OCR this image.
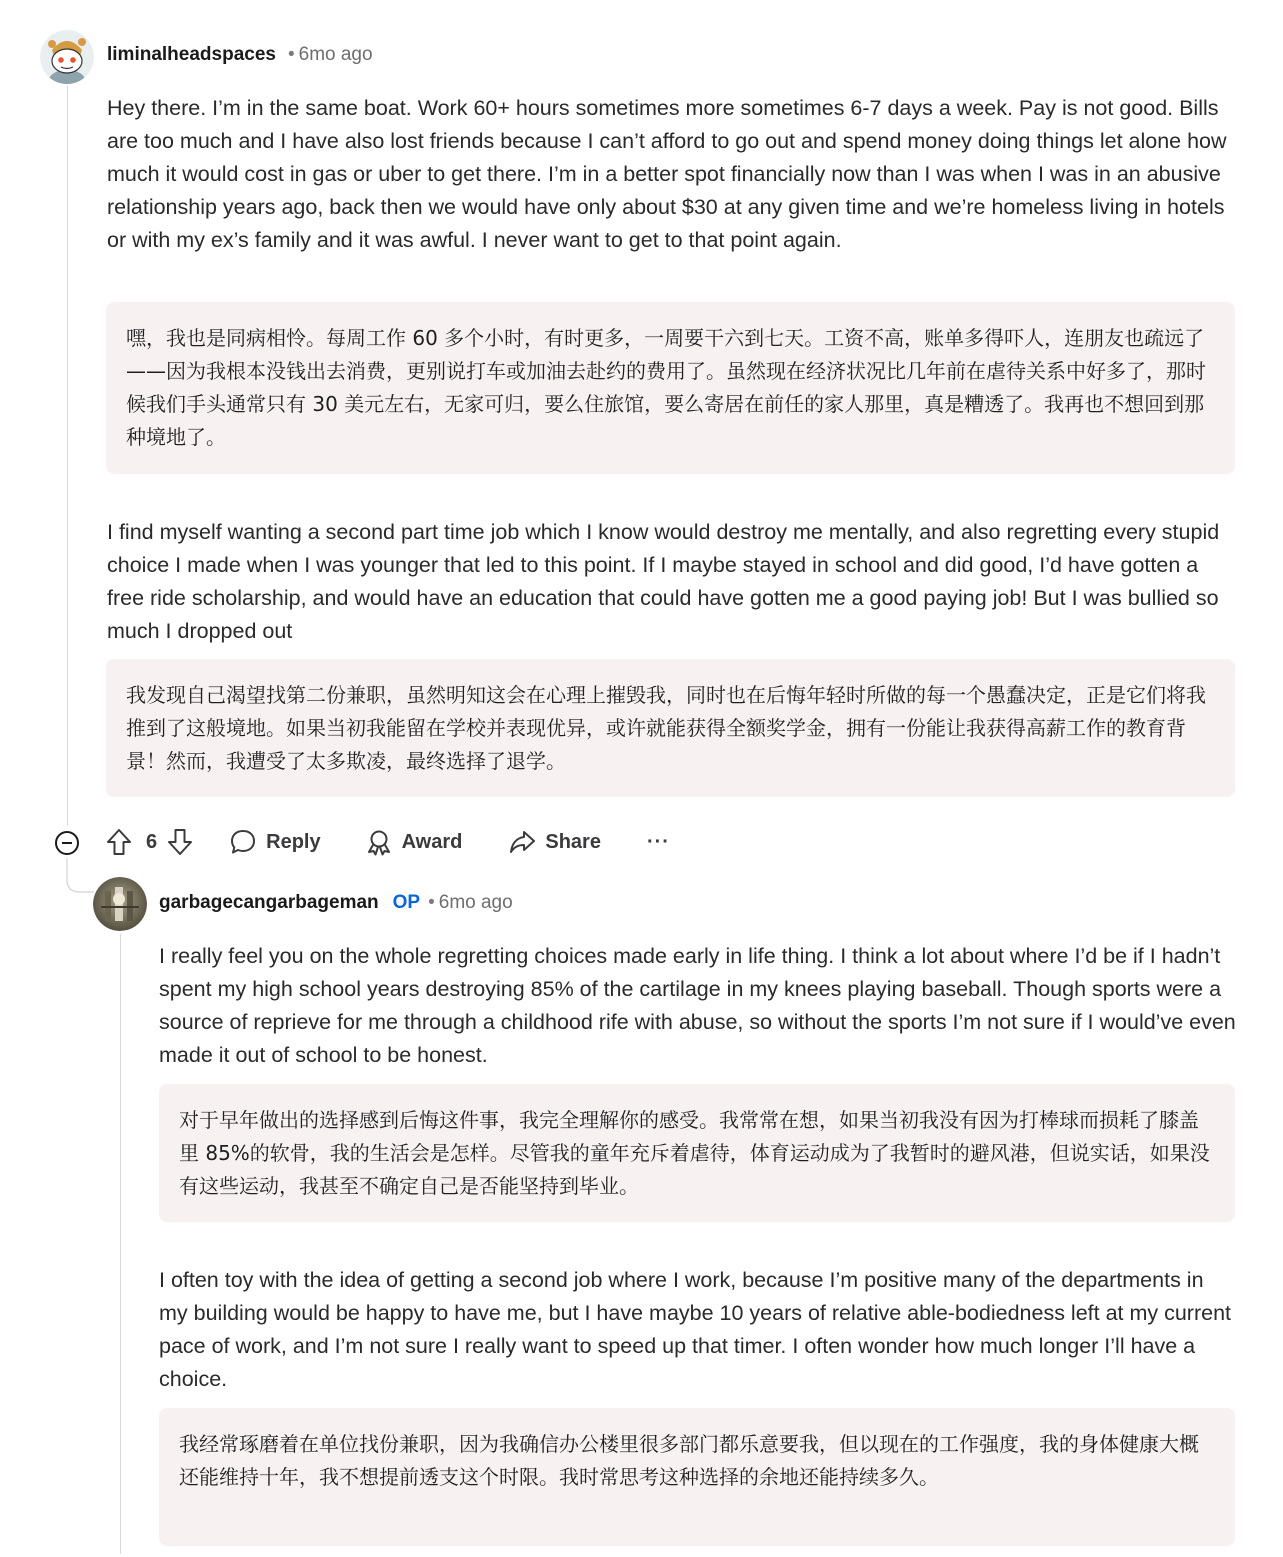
liminalheadspaces • 6mo ago

Hey there. I’m in the same boat. Work 60+ hours sometimes more sometimes 6-7 days a week. Pay is not good. Bills are too much and I have also lost friends because I can’t afford to go out and spend money doing things let alone how much it would cost in gas or uber to get there. I’m in a better spot financially now than I was when I was in an abusive relationship years ago, back then we would have only about $30 at any given time and we’re homeless living in hotels or with my ex’s family and it was awful. I never want to get to that point again.

嘿，我也是同病相怜。每周工作 60 多个小时，有时更多，一周要干六到七天。工资不高，账单多得吓人，连朋友也疏远了——因为我根本没钱出去消费，更别说打车或加油去赴约的费用了。虽然现在经济状况比几年前在虐待关系中好多了，那时候我们手头通常只有 30 美元左右，无家可归，要么住旅馆，要么寄居在前任的家人那里，真是糟透了。我再也不想回到那种境地了。

I find myself wanting a second part time job which I know would destroy me mentally, and also regretting every stupid choice I made when I was younger that led to this point. If I maybe stayed in school and did good, I’d have gotten a free ride scholarship, and would have an education that could have gotten me a good paying job! But I was bullied so much I dropped out

我发现自己渴望找第二份兼职，虽然明知这会在心理上摧毁我，同时也在后悔年轻时所做的每一个愚蠢决定，正是它们将我推到了这般境地。如果当初我能留在学校并表现优异，或许就能获得全额奖学金，拥有一份能让我获得高薪工作的教育背景！然而，我遭受了太多欺凌，最终选择了退学。
6	Reply	Award	Share ···
garbagecangarbageman OP • 6mo ago

I really feel you on the whole regretting choices made early in life thing. I think a lot about where I’d be if I hadn’t spent my high school years destroying 85% of the cartilage in my knees playing baseball. Though sports were a source of reprieve for me through a childhood rife with abuse, so without the sports I’m not sure if I would’ve even made it out of school to be honest.

对于早年做出的选择感到后悔这件事，我完全理解你的感受。我常常在想，如果当初我没有因为打棒球而损耗了膝盖里 85%的软骨，我的生活会是怎样。尽管我的童年充斥着虐待，体育运动成为了我暂时的避风港，但说实话，如果没有这些运动，我甚至不确定自己是否能坚持到毕业。

I often toy with the idea of getting a second job where I work, because I’m positive many of the departments in my building would be happy to have me, but I have maybe 10 years of relative able-bodiedness left at my current pace of work, and I’m not sure I really want to speed up that timer. I often wonder how much longer I’ll have a choice.

我经常琢磨着在单位找份兼职，因为我确信办公楼里很多部门都乐意要我，但以现在的工作强度，我的身体健康大概还能维持十年，我不想提前透支这个时限。我时常思考这种选择的余地还能持续多久。
